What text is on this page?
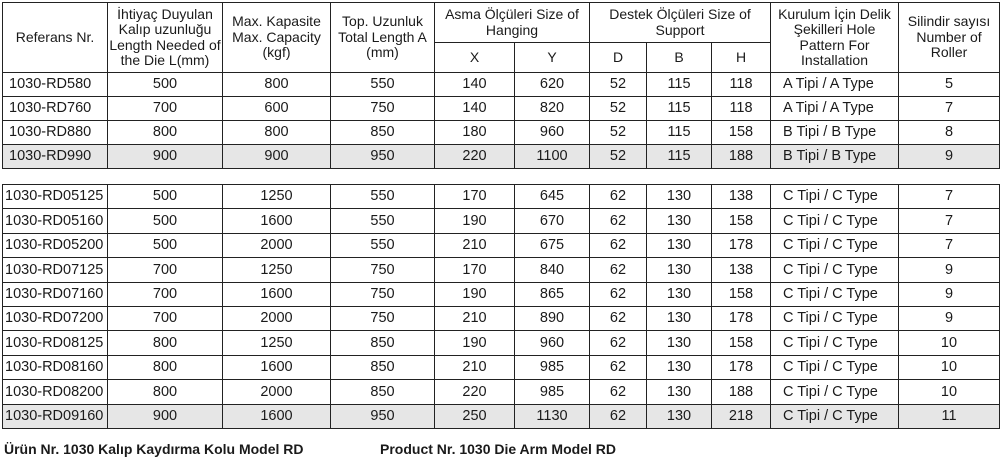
Referans Nr.	İhtiyaç Duyulan Kalıp uzunluğu Length Needed of the Die L(mm)	Max. Kapasite Max. Capacity (kgf)	Top. Uzunluk Total Length A (mm)	Asma Ölçüleri Size of Hanging		Destek Ölçüleri Size of Support			Kurulum İçin Delik Şekilleri Hole Pattern For Installation	Silindir sayısı Number of Roller
				X	Y	D	B	H		
1030-RD580	500	800	550	140	620	52	115	118	A Tipi / A Type	5
1030-RD760	700	600	750	140	820	52	115	118	A Tipi / A Type	7
1030-RD880	800	800	850	180	960	52	115	158	B Tipi / B Type	8
1030-RD990	900	900	950	220	1100	52	115	188	B Tipi / B Type	9
1030-RD05125	500	1250	550	170	645	62	130	138	C Tipi / C Type	7
1030-RD05160	500	1600	550	190	670	62	130	158	C Tipi / C Type	7
1030-RD05200	500	2000	550	210	675	62	130	178	C Tipi / C Type	7
1030-RD07125	700	1250	750	170	840	62	130	138	C Tipi / C Type	9
1030-RD07160	700	1600	750	190	865	62	130	158	C Tipi / C Type	9
1030-RD07200	700	2000	750	210	890	62	130	178	C Tipi / C Type	9
1030-RD08125	800	1250	850	190	960	62	130	158	C Tipi / C Type	10
1030-RD08160	800	1600	850	210	985	62	130	178	C Tipi / C Type	10
1030-RD08200	800	2000	850	220	985	62	130	188	C Tipi / C Type	10
1030-RD09160	900	1600	950	250	1130	62	130	218	C Tipi / C Type	11
Ürün Nr. 1030 Kalıp Kaydırma Kolu Model RD	Product Nr. 1030 Die Arm Model RD
